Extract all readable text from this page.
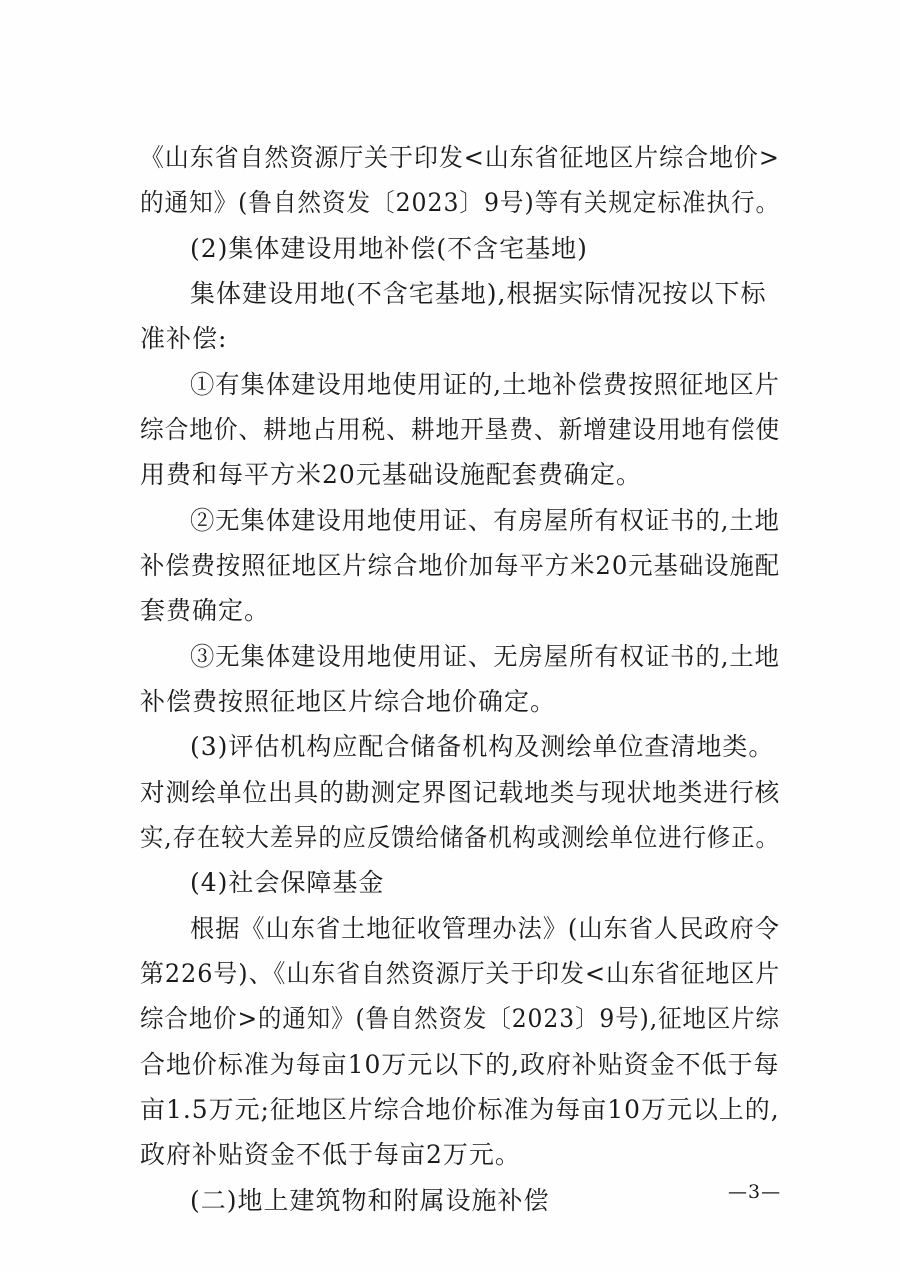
《山东省自然资源厅关于印发<山东省征地区片综合地价>
的通知》(鲁自然资发〔2023〕9号)等有关规定标准执行。
(2)集体建设用地补偿(不含宅基地)
集体建设用地(不含宅基地),根据实际情况按以下标
准补偿:
①有集体建设用地使用证的,土地补偿费按照征地区片
综合地价、耕地占用税、耕地开垦费、新增建设用地有偿使
用费和每平方米20元基础设施配套费确定。
②无集体建设用地使用证、有房屋所有权证书的,土地
补偿费按照征地区片综合地价加每平方米20元基础设施配
套费确定。
③无集体建设用地使用证、无房屋所有权证书的,土地
补偿费按照征地区片综合地价确定。
(3)评估机构应配合储备机构及测绘单位查清地类。
对测绘单位出具的勘测定界图记载地类与现状地类进行核
实,存在较大差异的应反馈给储备机构或测绘单位进行修正。
(4)社会保障基金
根据《山东省土地征收管理办法》(山东省人民政府令
第226号)、《山东省自然资源厅关于印发<山东省征地区片
综合地价>的通知》(鲁自然资发〔2023〕9号),征地区片综
合地价标准为每亩10万元以下的,政府补贴资金不低于每
亩1.5万元;征地区片综合地价标准为每亩10万元以上的,
政府补贴资金不低于每亩2万元。
(二)地上建筑物和附属设施补偿	—3—
